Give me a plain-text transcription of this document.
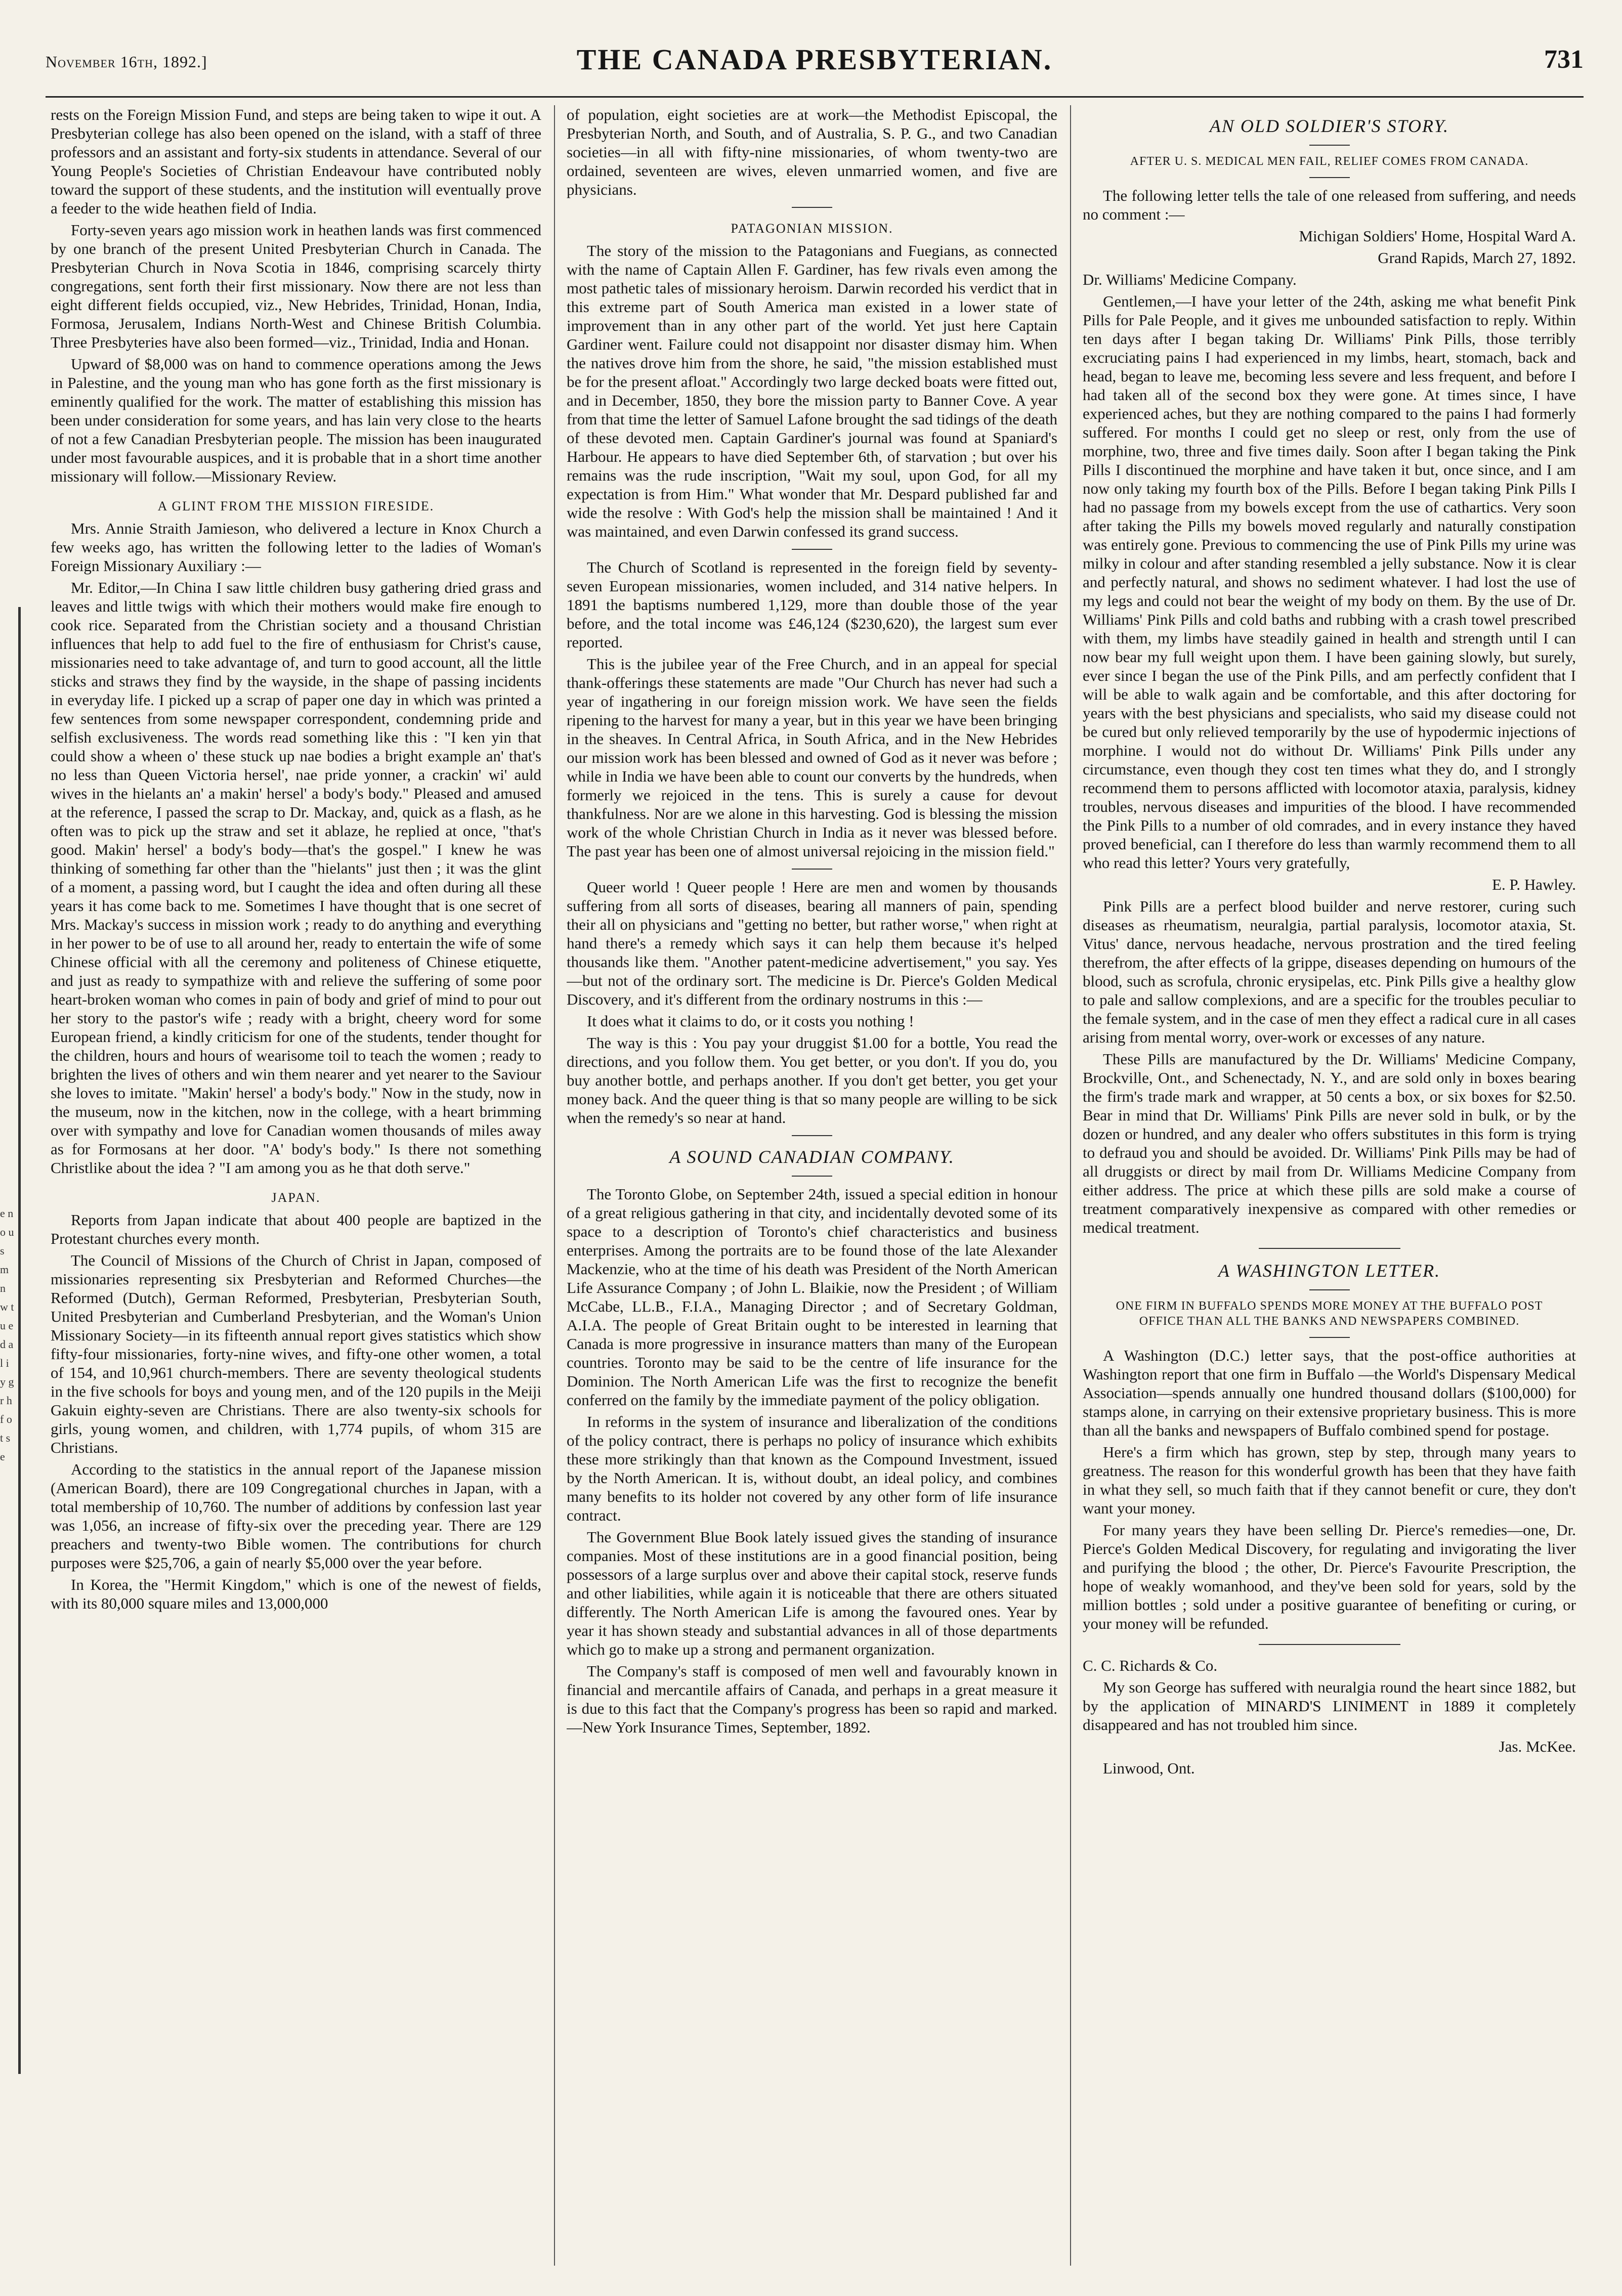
e n o u s m n w t u e d a l i y g r h f o t s e
November 16th, 1892.]	THE CANADA PRESBYTERIAN.	731

rests on the Foreign Mission Fund, and steps are being taken to wipe it out. A Presbyterian college has also been opened on the island, with a staff of three professors and an assistant and forty-six students in attendance. Several of our Young People's Societies of Christian Endeavour have contributed nobly toward the support of these students, and the institution will eventually prove a feeder to the wide heathen field of India.

Forty-seven years ago mission work in heathen lands was first commenced by one branch of the present United Presbyterian Church in Canada. The Presbyterian Church in Nova Scotia in 1846, comprising scarcely thirty congregations, sent forth their first missionary. Now there are not less than eight different fields occupied, viz., New Hebrides, Trinidad, Honan, India, Formosa, Jerusalem, Indians North-West and Chinese British Columbia. Three Presbyteries have also been formed—viz., Trinidad, India and Honan.

Upward of $8,000 was on hand to commence operations among the Jews in Palestine, and the young man who has gone forth as the first missionary is eminently qualified for the work. The matter of establishing this mission has been under consideration for some years, and has lain very close to the hearts of not a few Canadian Presbyterian people. The mission has been inaugurated under most favourable auspices, and it is probable that in a short time another missionary will follow.—Missionary Review.

A GLINT FROM THE MISSION FIRESIDE.

Mrs. Annie Straith Jamieson, who delivered a lecture in Knox Church a few weeks ago, has written the following letter to the ladies of Woman's Foreign Missionary Auxiliary :—

Mr. Editor,—In China I saw little children busy gathering dried grass and leaves and little twigs with which their mothers would make fire enough to cook rice. Separated from the Christian society and a thousand Christian influences that help to add fuel to the fire of enthusiasm for Christ's cause, missionaries need to take advantage of, and turn to good account, all the little sticks and straws they find by the wayside, in the shape of passing incidents in everyday life. I picked up a scrap of paper one day in which was printed a few sentences from some newspaper correspondent, condemning pride and selfish exclusiveness. The words read something like this : "I ken yin that could show a wheen o' these stuck up nae bodies a bright example an' that's no less than Queen Victoria hersel', nae pride yonner, a crackin' wi' auld wives in the hielants an' a makin' hersel' a body's body." Pleased and amused at the reference, I passed the scrap to Dr. Mackay, and, quick as a flash, as he often was to pick up the straw and set it ablaze, he replied at once, "that's good. Makin' hersel' a body's body—that's the gospel." I knew he was thinking of something far other than the "hielants" just then ; it was the glint of a moment, a passing word, but I caught the idea and often during all these years it has come back to me. Sometimes I have thought that is one secret of Mrs. Mackay's success in mission work ; ready to do anything and everything in her power to be of use to all around her, ready to entertain the wife of some Chinese official with all the ceremony and politeness of Chinese etiquette, and just as ready to sympathize with and relieve the suffering of some poor heart-broken woman who comes in pain of body and grief of mind to pour out her story to the pastor's wife ; ready with a bright, cheery word for some European friend, a kindly criticism for one of the students, tender thought for the children, hours and hours of wearisome toil to teach the women ; ready to brighten the lives of others and win them nearer and yet nearer to the Saviour she loves to imitate. "Makin' hersel' a body's body." Now in the study, now in the museum, now in the kitchen, now in the college, with a heart brimming over with sympathy and love for Canadian women thousands of miles away as for Formosans at her door. "A' body's body." Is there not something Christlike about the idea ? "I am among you as he that doth serve."

JAPAN.

Reports from Japan indicate that about 400 people are baptized in the Protestant churches every month.

The Council of Missions of the Church of Christ in Japan, composed of missionaries representing six Presbyterian and Reformed Churches—the Reformed (Dutch), German Reformed, Presbyterian, Presbyterian South, United Presbyterian and Cumberland Presbyterian, and the Woman's Union Missionary Society—in its fifteenth annual report gives statistics which show fifty-four missionaries, forty-nine wives, and fifty-one other women, a total of 154, and 10,961 church-members. There are seventy theological students in the five schools for boys and young men, and of the 120 pupils in the Meiji Gakuin eighty-seven are Christians. There are also twenty-six schools for girls, young women, and children, with 1,774 pupils, of whom 315 are Christians.

According to the statistics in the annual report of the Japanese mission (American Board), there are 109 Congregational churches in Japan, with a total membership of 10,760. The number of additions by confession last year was 1,056, an increase of fifty-six over the preceding year. There are 129 preachers and twenty-two Bible women. The contributions for church purposes were $25,706, a gain of nearly $5,000 over the year before.

In Korea, the "Hermit Kingdom," which is one of the newest of fields, with its 80,000 square miles and 13,000,000

of population, eight societies are at work—the Methodist Episcopal, the Presbyterian North, and South, and of Australia, S. P. G., and two Canadian societies—in all with fifty-nine missionaries, of whom twenty-two are ordained, seventeen are wives, eleven unmarried women, and five are physicians.

PATAGONIAN MISSION.

The story of the mission to the Patagonians and Fuegians, as connected with the name of Captain Allen F. Gardiner, has few rivals even among the most pathetic tales of missionary heroism. Darwin recorded his verdict that in this extreme part of South America man existed in a lower state of improvement than in any other part of the world. Yet just here Captain Gardiner went. Failure could not disappoint nor disaster dismay him. When the natives drove him from the shore, he said, "the mission established must be for the present afloat." Accordingly two large decked boats were fitted out, and in December, 1850, they bore the mission party to Banner Cove. A year from that time the letter of Samuel Lafone brought the sad tidings of the death of these devoted men. Captain Gardiner's journal was found at Spaniard's Harbour. He appears to have died September 6th, of starvation ; but over his remains was the rude inscription, "Wait my soul, upon God, for all my expectation is from Him." What wonder that Mr. Despard published far and wide the resolve : With God's help the mission shall be maintained ! And it was maintained, and even Darwin confessed its grand success.

The Church of Scotland is represented in the foreign field by seventy-seven European missionaries, women included, and 314 native helpers. In 1891 the baptisms numbered 1,129, more than double those of the year before, and the total income was £46,124 ($230,620), the largest sum ever reported.

This is the jubilee year of the Free Church, and in an appeal for special thank-offerings these statements are made "Our Church has never had such a year of ingathering in our foreign mission work. We have seen the fields ripening to the harvest for many a year, but in this year we have been bringing in the sheaves. In Central Africa, in South Africa, and in the New Hebrides our mission work has been blessed and owned of God as it never was before ; while in India we have been able to count our converts by the hundreds, when formerly we rejoiced in the tens. This is surely a cause for devout thankfulness. Nor are we alone in this harvesting. God is blessing the mission work of the whole Christian Church in India as it never was blessed before. The past year has been one of almost universal rejoicing in the mission field."

Queer world ! Queer people ! Here are men and women by thousands suffering from all sorts of diseases, bearing all manners of pain, spending their all on physicians and "getting no better, but rather worse," when right at hand there's a remedy which says it can help them because it's helped thousands like them. "Another patent-medicine advertisement," you say. Yes—but not of the ordinary sort. The medicine is Dr. Pierce's Golden Medical Discovery, and it's different from the ordinary nostrums in this :—

It does what it claims to do, or it costs you nothing !

The way is this : You pay your druggist $1.00 for a bottle, You read the directions, and you follow them. You get better, or you don't. If you do, you buy another bottle, and perhaps another. If you don't get better, you get your money back. And the queer thing is that so many people are willing to be sick when the remedy's so near at hand.

A SOUND CANADIAN COMPANY.

The Toronto Globe, on September 24th, issued a special edition in honour of a great religious gathering in that city, and incidentally devoted some of its space to a description of Toronto's chief characteristics and business enterprises. Among the portraits are to be found those of the late Alexander Mackenzie, who at the time of his death was President of the North American Life Assurance Company ; of John L. Blaikie, now the President ; of William McCabe, LL.B., F.I.A., Managing Director ; and of Secretary Goldman, A.I.A. The people of Great Britain ought to be interested in learning that Canada is more progressive in insurance matters than many of the European countries. Toronto may be said to be the centre of life insurance for the Dominion. The North American Life was the first to recognize the benefit conferred on the family by the immediate payment of the policy obligation.

In reforms in the system of insurance and liberalization of the conditions of the policy contract, there is perhaps no policy of insurance which exhibits these more strikingly than that known as the Compound Investment, issued by the North American. It is, without doubt, an ideal policy, and combines many benefits to its holder not covered by any other form of life insurance contract.

The Government Blue Book lately issued gives the standing of insurance companies. Most of these institutions are in a good financial position, being possessors of a large surplus over and above their capital stock, reserve funds and other liabilities, while again it is noticeable that there are others situated differently. The North American Life is among the favoured ones. Year by year it has shown steady and substantial advances in all of those departments which go to make up a strong and permanent organization.

The Company's staff is composed of men well and favourably known in financial and mercantile affairs of Canada, and perhaps in a great measure it is due to this fact that the Company's progress has been so rapid and marked.—New York Insurance Times, September, 1892.

AN OLD SOLDIER'S STORY.
AFTER U. S. MEDICAL MEN FAIL, RELIEF COMES FROM CANADA.

The following letter tells the tale of one released from suffering, and needs no comment :—

Michigan Soldiers' Home, Hospital Ward A.

Grand Rapids, March 27, 1892.

Dr. Williams' Medicine Company.

Gentlemen,—I have your letter of the 24th, asking me what benefit Pink Pills for Pale People, and it gives me unbounded satisfaction to reply. Within ten days after I began taking Dr. Williams' Pink Pills, those terribly excruciating pains I had experienced in my limbs, heart, stomach, back and head, began to leave me, becoming less severe and less frequent, and before I had taken all of the second box they were gone. At times since, I have experienced aches, but they are nothing compared to the pains I had formerly suffered. For months I could get no sleep or rest, only from the use of morphine, two, three and five times daily. Soon after I began taking the Pink Pills I discontinued the morphine and have taken it but, once since, and I am now only taking my fourth box of the Pills. Before I began taking Pink Pills I had no passage from my bowels except from the use of cathartics. Very soon after taking the Pills my bowels moved regularly and naturally constipation was entirely gone. Previous to commencing the use of Pink Pills my urine was milky in colour and after standing resembled a jelly substance. Now it is clear and perfectly natural, and shows no sediment whatever. I had lost the use of my legs and could not bear the weight of my body on them. By the use of Dr. Williams' Pink Pills and cold baths and rubbing with a crash towel prescribed with them, my limbs have steadily gained in health and strength until I can now bear my full weight upon them. I have been gaining slowly, but surely, ever since I began the use of the Pink Pills, and am perfectly confident that I will be able to walk again and be comfortable, and this after doctoring for years with the best physicians and specialists, who said my disease could not be cured but only relieved temporarily by the use of hypodermic injections of morphine. I would not do without Dr. Williams' Pink Pills under any circumstance, even though they cost ten times what they do, and I strongly recommend them to persons afflicted with locomotor ataxia, paralysis, kidney troubles, nervous diseases and impurities of the blood. I have recommended the Pink Pills to a number of old comrades, and in every instance they haved proved beneficial, can I therefore do less than warmly recommend them to all who read this letter? Yours very gratefully,

E. P. Hawley.

Pink Pills are a perfect blood builder and nerve restorer, curing such diseases as rheumatism, neuralgia, partial paralysis, locomotor ataxia, St. Vitus' dance, nervous headache, nervous prostration and the tired feeling therefrom, the after effects of la grippe, diseases depending on humours of the blood, such as scrofula, chronic erysipelas, etc. Pink Pills give a healthy glow to pale and sallow complexions, and are a specific for the troubles peculiar to the female system, and in the case of men they effect a radical cure in all cases arising from mental worry, over-work or excesses of any nature.

These Pills are manufactured by the Dr. Williams' Medicine Company, Brockville, Ont., and Schenectady, N. Y., and are sold only in boxes bearing the firm's trade mark and wrapper, at 50 cents a box, or six boxes for $2.50. Bear in mind that Dr. Williams' Pink Pills are never sold in bulk, or by the dozen or hundred, and any dealer who offers substitutes in this form is trying to defraud you and should be avoided. Dr. Williams' Pink Pills may be had of all druggists or direct by mail from Dr. Williams Medicine Company from either address. The price at which these pills are sold make a course of treatment comparatively inexpensive as compared with other remedies or medical treatment.

A WASHINGTON LETTER.
ONE FIRM IN BUFFALO SPENDS MORE MONEY AT THE BUFFALO POST OFFICE THAN ALL THE BANKS AND NEWSPAPERS COMBINED.

A Washington (D.C.) letter says, that the post-office authorities at Washington report that one firm in Buffalo —the World's Dispensary Medical Association—spends annually one hundred thousand dollars ($100,000) for stamps alone, in carrying on their extensive proprietary business. This is more than all the banks and newspapers of Buffalo combined spend for postage.

Here's a firm which has grown, step by step, through many years to greatness. The reason for this wonderful growth has been that they have faith in what they sell, so much faith that if they cannot benefit or cure, they don't want your money.

For many years they have been selling Dr. Pierce's remedies—one, Dr. Pierce's Golden Medical Discovery, for regulating and invigorating the liver and purifying the blood ; the other, Dr. Pierce's Favourite Prescription, the hope of weakly womanhood, and they've been sold for years, sold by the million bottles ; sold under a positive guarantee of benefiting or curing, or your money will be refunded.

C. C. Richards & Co.

My son George has suffered with neuralgia round the heart since 1882, but by the application of MINARD'S LINIMENT in 1889 it completely disappeared and has not troubled him since.

Jas. McKee.

Linwood, Ont.
